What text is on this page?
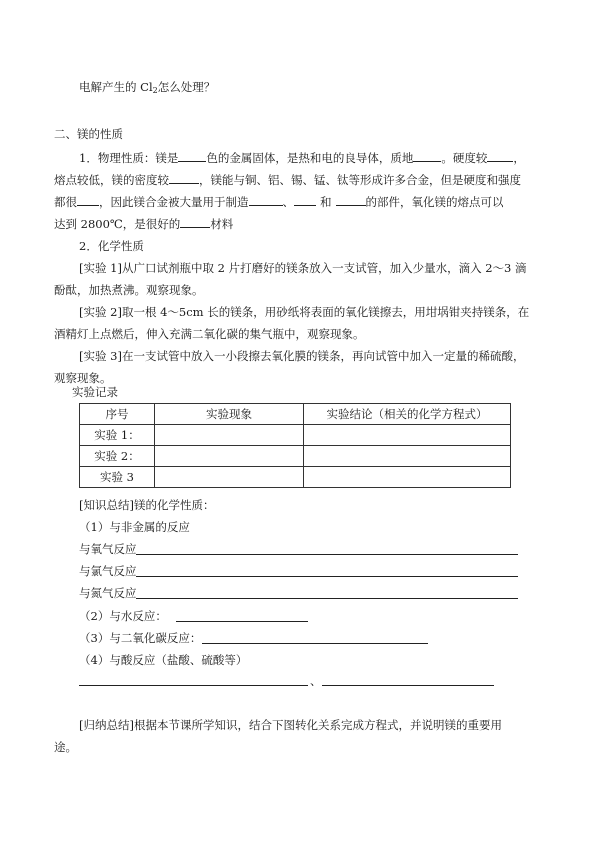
电解产生的 $Cl_2$怎么处理？
二、镁的性质
1．物理性质：镁是 色的金属固体，是热和电的良导体，质地 。硬度较 ，
熔点较低，镁的密度较	，镁能与铜、铝、锡、锰、钛等形成许多合金，但是硬度和强度
都很 ，因此镁合金被大量用于制造	、 和	的部件，氧化镁的熔点可以
达到 2800℃，是很好的	材料
2．化学性质
[实验 1]从广口试剂瓶中取 2 片打磨好的镁条放入一支试管，加入少量水，滴入 2～3 滴
酚酞，加热煮沸。观察现象。
[实验 2]取一根 4～5cm 长的镁条，用砂纸将表面的氧化镁擦去，用坩埚钳夹持镁条，在
酒精灯上点燃后，伸入充满二氧化碳的集气瓶中，观察现象。
[实验 3]在一支试管中放入一小段擦去氧化膜的镁条，再向试管中加入一定量的稀硫酸，
观察现象。
实验记录
序号	实验现象	实验结论（相关的化学方程式）
实验 1：		
实验 2：		
实验 3		
[知识总结]镁的化学性质：
（1）与非金属的反应
与氧气反应
与氯气反应
与氮气反应
（2）与水反应：
（3）与二氧化碳反应：
（4）与酸反应（盐酸、硫酸等）
、
[归纳总结]根据本节课所学知识，结合下图转化关系完成方程式，并说明镁的重要用
途。
